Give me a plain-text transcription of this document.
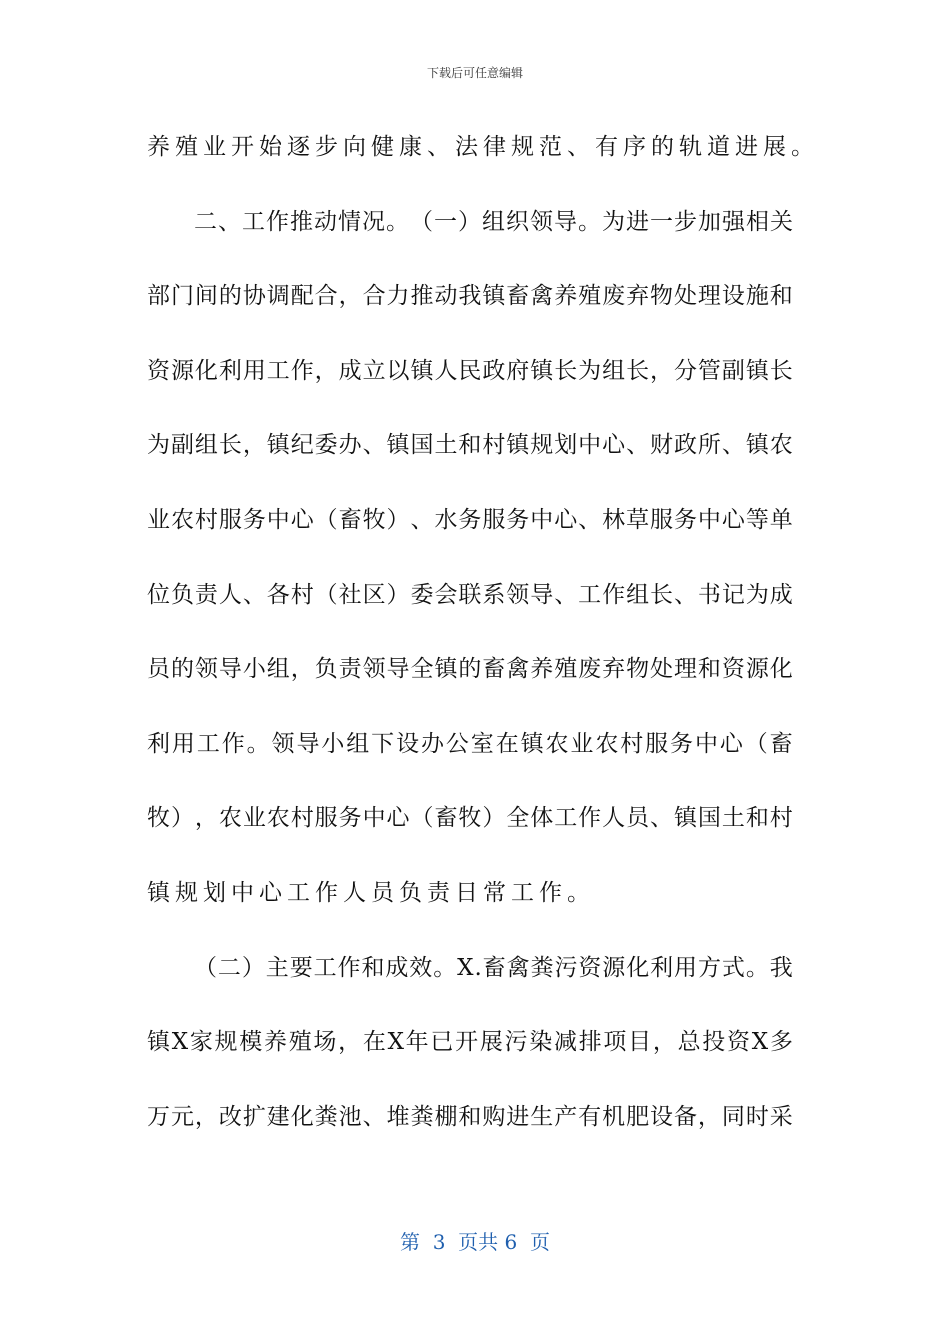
下载后可任意编辑
养殖业开始逐步向健康、法律规范、有序的轨道进展。
二 、 工 作 推 动 情 况 。 （ 一 ） 组 织 领 导 。 为 进 一 步 加 强 相 关
部 门 间 的 协 调 配 合 ， 合 力 推 动 我 镇 畜 禽 养 殖 废 弃 物 处 理 设 施 和
资 源 化 利 用 工 作 ， 成 立 以 镇 人 民 政 府 镇 长 为 组 长 ， 分 管 副 镇 长
为 副 组 长 ， 镇 纪 委 办 、 镇 国 土 和 村 镇 规 划 中 心 、 财 政 所 、 镇 农
业 农 村 服 务 中 心 （ 畜 牧 ） 、 水 务 服 务 中 心 、 林 草 服 务 中 心 等 单
位 负 责 人 、 各 村 （ 社 区 ） 委 会 联 系 领 导 、 工 作 组 长 、 书 记 为 成
员 的 领 导 小 组 ， 负 责 领 导 全 镇 的 畜 禽 养 殖 废 弃 物 处 理 和 资 源 化
利 用 工 作 。 领 导 小 组 下 设 办 公 室 在 镇 农 业 农 村 服 务 中 心 （ 畜
牧 ） ， 农 业 农 村 服 务 中 心 （ 畜 牧 ） 全 体 工 作 人 员 、 镇 国 土 和 村
镇规划中心工作人员负责日常工作。
（ 二 ） 主 要 工 作 和 成 效 。 X . 畜 禽 粪 污 资 源 化 利 用 方 式 。 我
镇 X 家 规 模 养 殖 场 ， 在 X 年 已 开 展 污 染 减 排 项 目 ， 总 投 资 X 多
万 元 ， 改 扩 建 化 粪 池 、 堆 粪 棚 和 购 进 生 产 有 机 肥 设 备 ， 同 时 采
第  3  页共 6  页
